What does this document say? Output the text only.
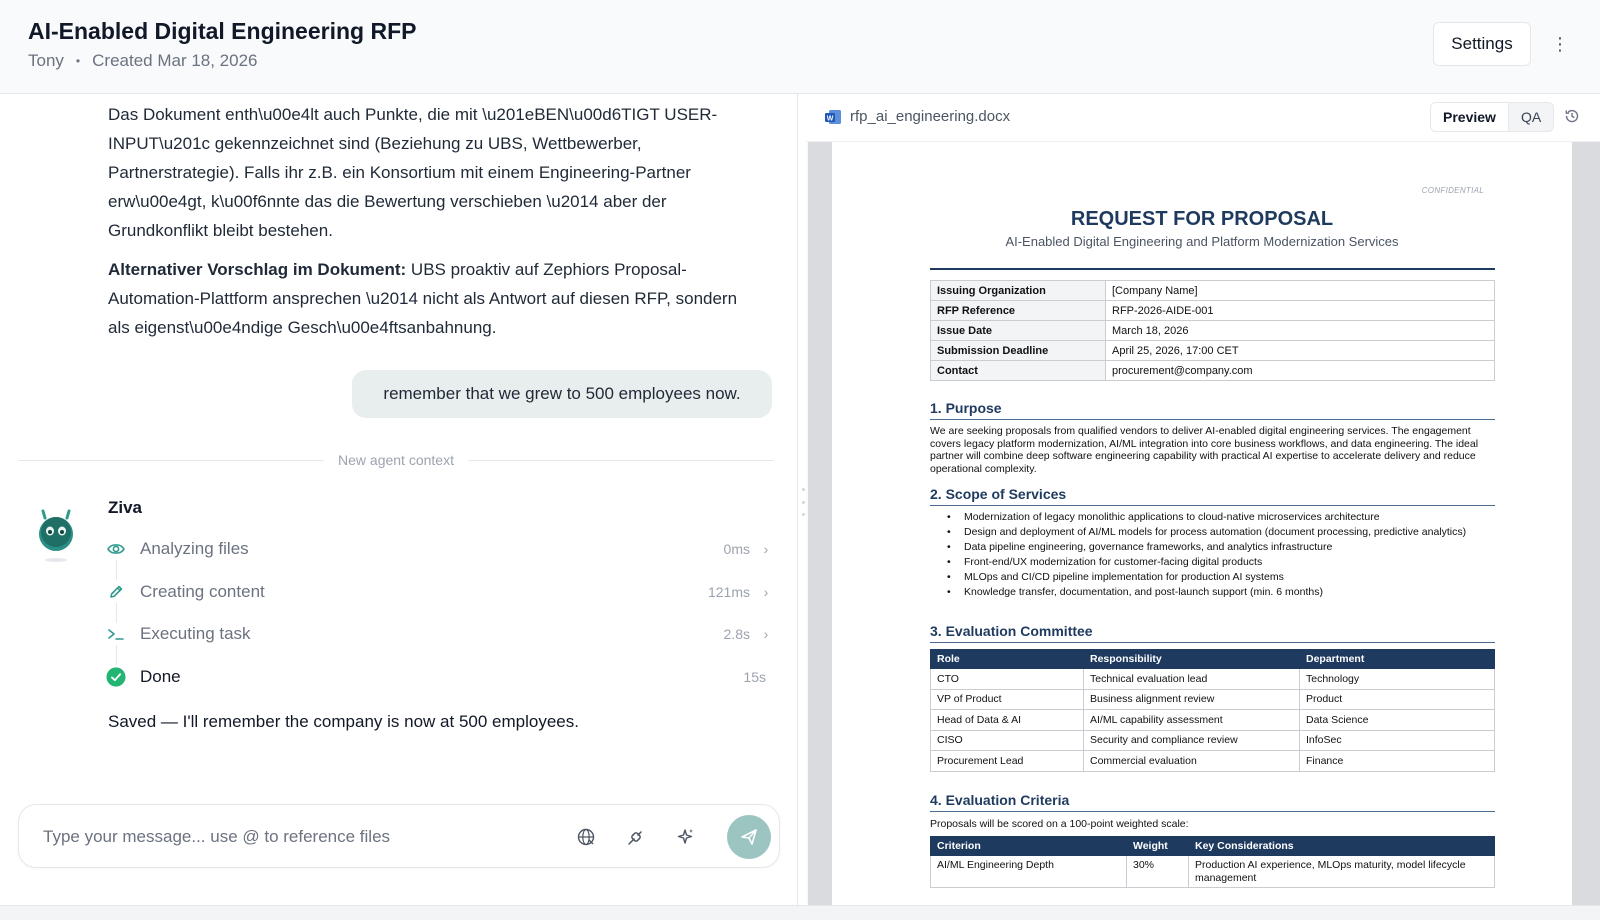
AI-Enabled Digital Engineering RFP
Tony • Created Mar 18, 2026
Settings	⋮

Das Dokument enth\u00e4lt auch Punkte, die mit \u201eBEN\u00d6TIGT USER-INPUT\u201c gekennzeichnet sind (Beziehung zu UBS, Wettbewerber, Partnerstrategie). Falls ihr z.B. ein Konsortium mit einem Engineering-Partner erw\u00e4gt, k\u00f6nnte das die Bewertung verschieben \u2014 aber der Grundkonflikt bleibt bestehen.

Alternativer Vorschlag im Dokument: UBS proaktiv auf Zephiors Proposal-Automation-Plattform ansprechen \u2014 nicht als Antwort auf diesen RFP, sondern als eigenst\u00e4ndige Gesch\u00e4ftsanbahnung.

remember that we grew to 500 employees now.
New agent context
Ziva
Analyzing files	0ms ›
Creating content	121ms ›
Executing task	2.8s ›
Done	15s
Saved — I'll remember the company is now at 500 employees.
Type your message... use @ to reference files
W rfp_ai_engineering.docx	Preview	QA
CONFIDENTIAL
REQUEST FOR PROPOSAL
AI-Enabled Digital Engineering and Platform Modernization Services
Issuing Organization	[Company Name]
RFP Reference	RFP-2026-AIDE-001
Issue Date	March 18, 2026
Submission Deadline	April 25, 2026, 17:00 CET
Contact	procurement@company.com
1. Purpose
We are seeking proposals from qualified vendors to deliver AI-enabled digital engineering services. The engagement covers legacy platform modernization, AI/ML integration into core business workflows, and data engineering. The ideal partner will combine deep software engineering capability with practical AI expertise to accelerate delivery and reduce operational complexity.
2. Scope of Services
• Modernization of legacy monolithic applications to cloud-native microservices architecture
• Design and deployment of AI/ML models for process automation (document processing, predictive analytics)
• Data pipeline engineering, governance frameworks, and analytics infrastructure
• Front-end/UX modernization for customer-facing digital products
• MLOps and CI/CD pipeline implementation for production AI systems
• Knowledge transfer, documentation, and post-launch support (min. 6 months)
3. Evaluation Committee
Role	Responsibility	Department
CTO	Technical evaluation lead	Technology
VP of Product	Business alignment review	Product
Head of Data & AI	AI/ML capability assessment	Data Science
CISO	Security and compliance review	InfoSec
Procurement Lead	Commercial evaluation	Finance
4. Evaluation Criteria
Proposals will be scored on a 100-point weighted scale:
Criterion	Weight	Key Considerations
AI/ML Engineering Depth	30%	Production AI experience, MLOps maturity, model lifecycle management
